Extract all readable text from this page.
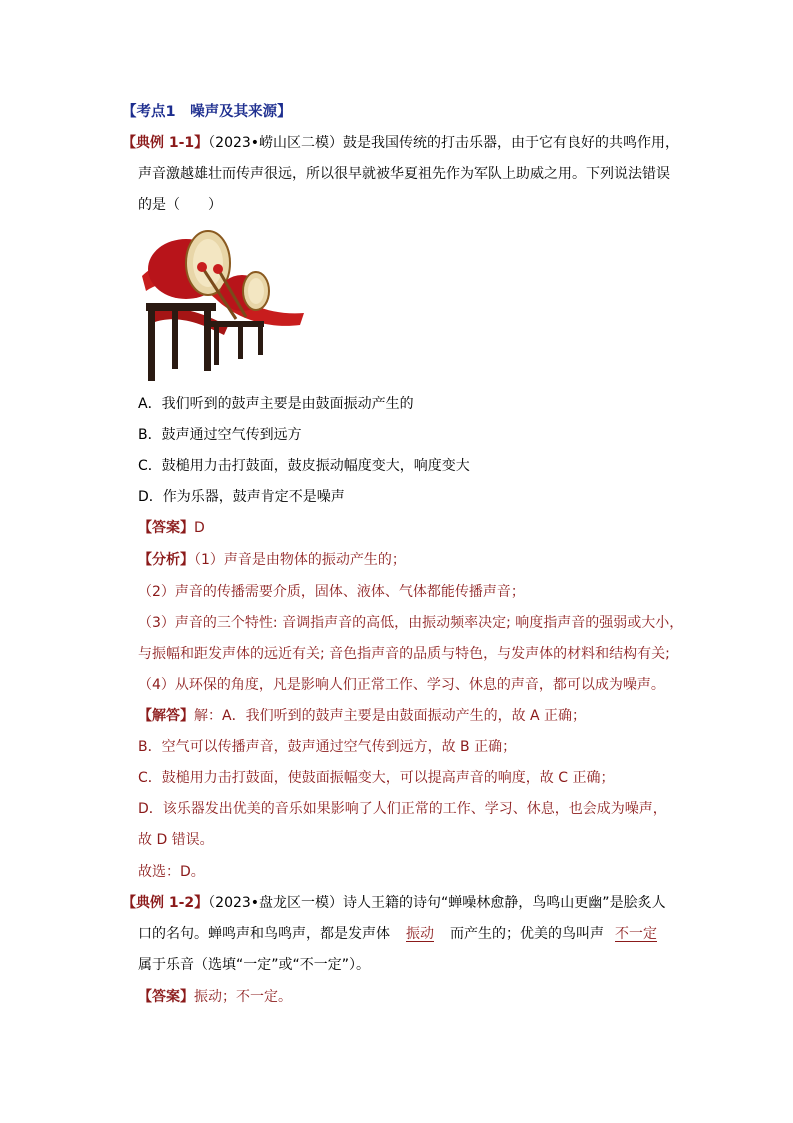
【考点1　噪声及其来源】
【典例 1-1】（2023•崂山区二模）鼓是我国传统的打击乐器，由于它有良好的共鸣作用，
声音激越雄壮而传声很远，所以很早就被华夏祖先作为军队上助威之用。下列说法错误
的是（　　）
A．我们听到的鼓声主要是由鼓面振动产生的
B．鼓声通过空气传到远方
C．鼓槌用力击打鼓面，鼓皮振动幅度变大，响度变大
D．作为乐器，鼓声肯定不是噪声
【答案】D
【分析】（1）声音是由物体的振动产生的；
（2）声音的传播需要介质，固体、液体、气体都能传播声音；
（3）声音的三个特性: 音调指声音的高低，由振动频率决定; 响度指声音的强弱或大小，
与振幅和距发声体的远近有关; 音色指声音的品质与特色，与发声体的材料和结构有关;
（4）从环保的角度，凡是影响人们正常工作、学习、休息的声音，都可以成为噪声。
【解答】解：A．我们听到的鼓声主要是由鼓面振动产生的，故 A 正确；
B．空气可以传播声音，鼓声通过空气传到远方，故 B 正确；
C．鼓槌用力击打鼓面，使鼓面振幅变大，可以提高声音的响度，故 C 正确；
D．该乐器发出优美的音乐如果影响了人们正常的工作、学习、休息，也会成为噪声，
故 D 错误。
故选：D。
【典例 1-2】（2023•盘龙区一模）诗人王籍的诗句“蝉噪林愈静，鸟鸣山更幽”是脍炙人
口的名句。蝉鸣声和鸟鸣声，都是发声体 振动 而产生的；优美的鸟叫声 不一定
属于乐音（选填“一定”或“不一定”）。
【答案】振动；不一定。
